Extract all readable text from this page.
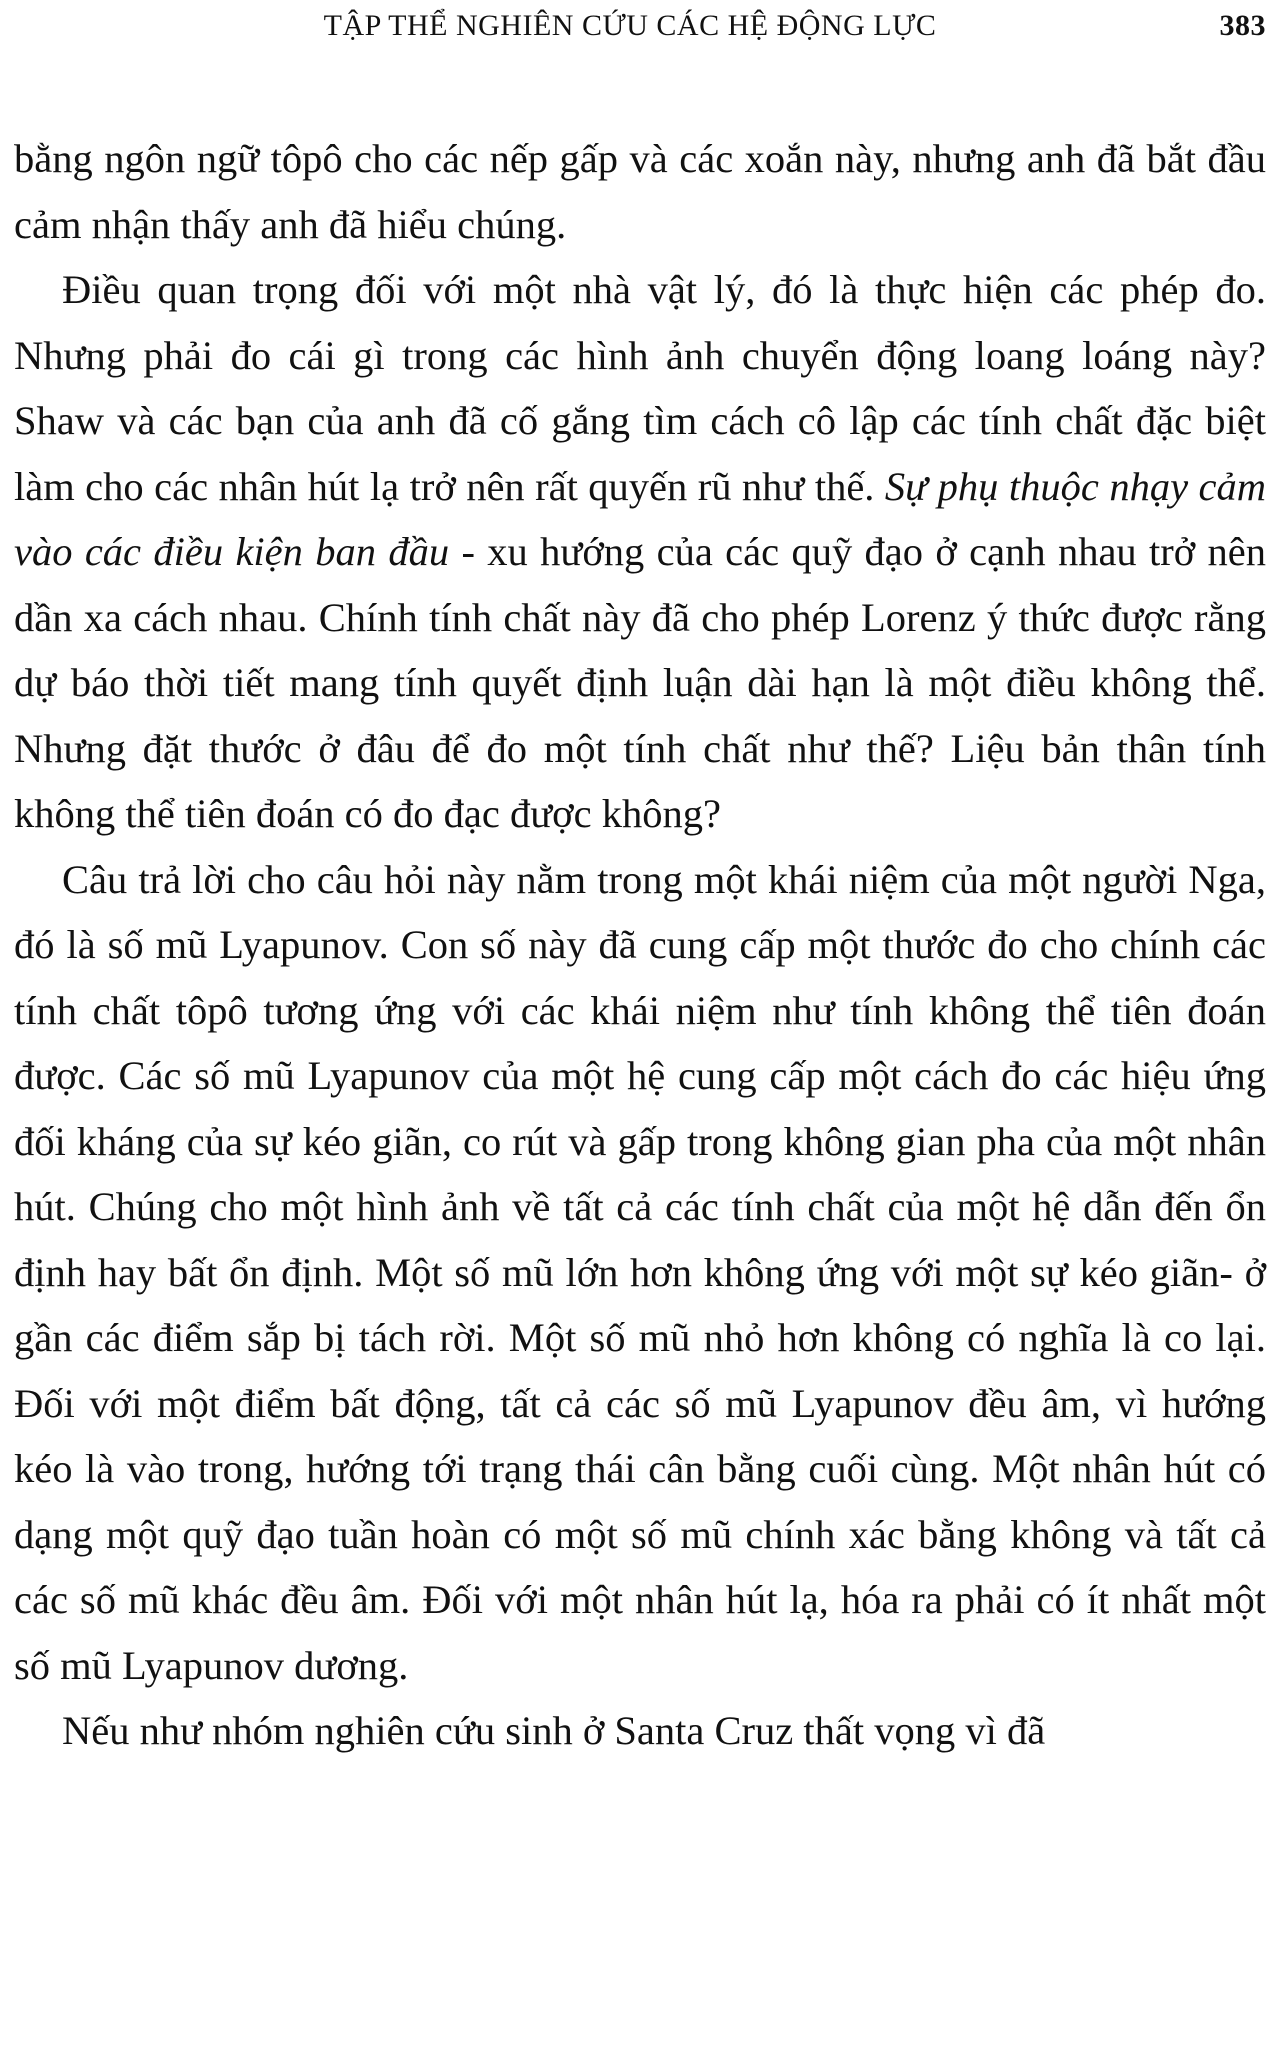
TẬP THỂ NGHIÊN CỨU CÁC HỆ ĐỘNG LỰC	383

bằng ngôn ngữ tôpô cho các nếp gấp và các xoắn này, nhưng anh đã bắt đầu cảm nhận thấy anh đã hiểu chúng.

Điều quan trọng đối với một nhà vật lý, đó là thực hiện các phép đo. Nhưng phải đo cái gì trong các hình ảnh chuyển động loang loáng này? Shaw và các bạn của anh đã cố gắng tìm cách cô lập các tính chất đặc biệt làm cho các nhân hút lạ trở nên rất quyến rũ như thế. Sự phụ thuộc nhạy cảm vào các điều kiện ban đầu - xu hướng của các quỹ đạo ở cạnh nhau trở nên dần xa cách nhau. Chính tính chất này đã cho phép Lorenz ý thức được rằng dự báo thời tiết mang tính quyết định luận dài hạn là một điều không thể. Nhưng đặt thước ở đâu để đo một tính chất như thế? Liệu bản thân tính không thể tiên đoán có đo đạc được không?

Câu trả lời cho câu hỏi này nằm trong một khái niệm của một người Nga, đó là số mũ Lyapunov. Con số này đã cung cấp một thước đo cho chính các tính chất tôpô tương ứng với các khái niệm như tính không thể tiên đoán được. Các số mũ Lyapunov của một hệ cung cấp một cách đo các hiệu ứng đối kháng của sự kéo giãn, co rút và gấp trong không gian pha của một nhân hút. Chúng cho một hình ảnh về tất cả các tính chất của một hệ dẫn đến ổn định hay bất ổn định. Một số mũ lớn hơn không ứng với một sự kéo giãn- ở gần các điểm sắp bị tách rời. Một số mũ nhỏ hơn không có nghĩa là co lại. Đối với một điểm bất động, tất cả các số mũ Lyapunov đều âm, vì hướng kéo là vào trong, hướng tới trạng thái cân bằng cuối cùng. Một nhân hút có dạng một quỹ đạo tuần hoàn có một số mũ chính xác bằng không và tất cả các số mũ khác đều âm. Đối với một nhân hút lạ, hóa ra phải có ít nhất một số mũ Lyapunov dương.

Nếu như nhóm nghiên cứu sinh ở Santa Cruz thất vọng vì đã
